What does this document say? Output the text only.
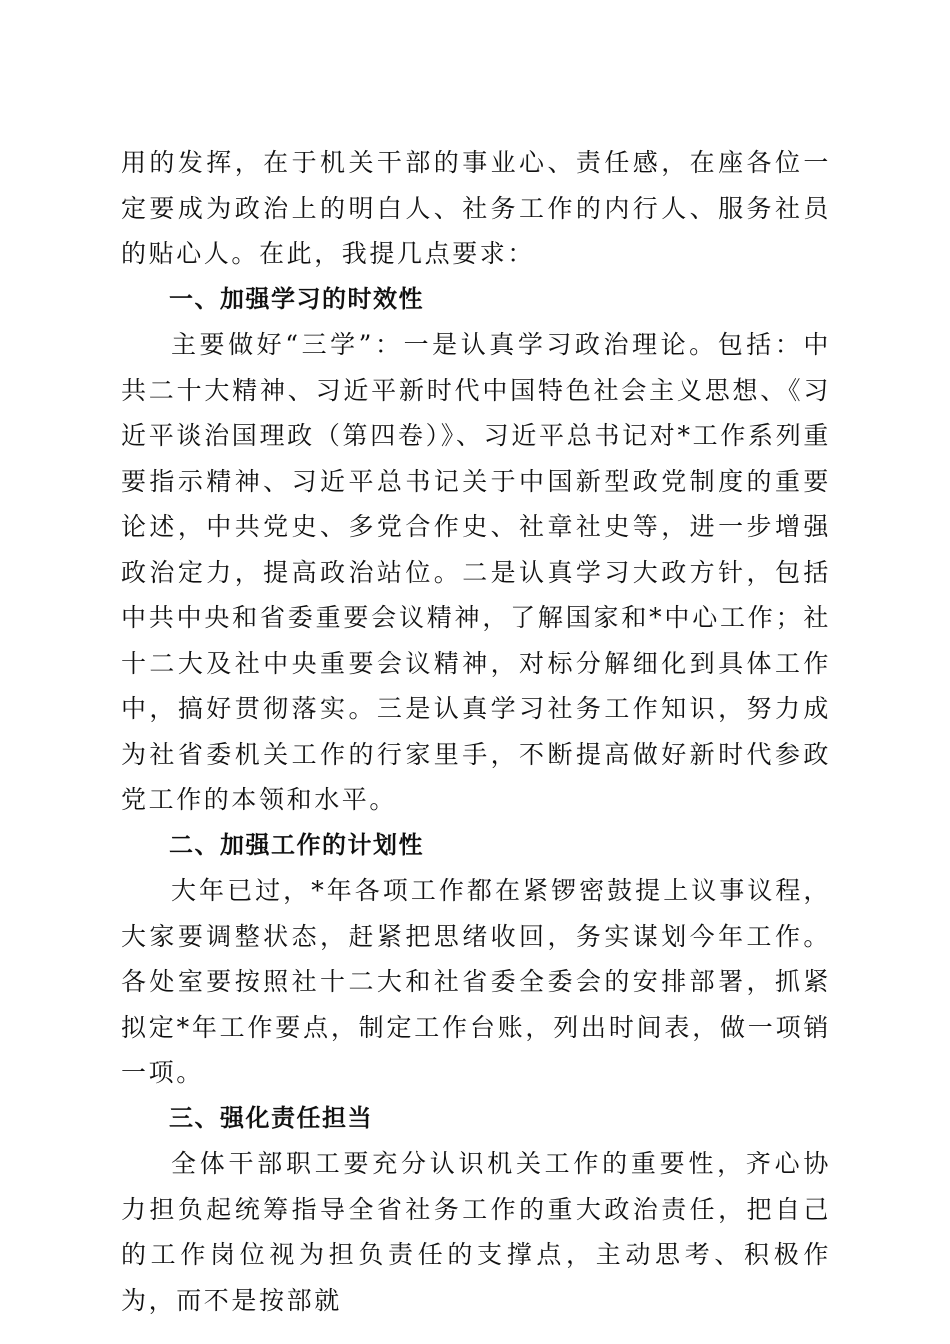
用的发挥，在于机关干部的事业心、责任感，在座各位一定要成为政治上的明白人、社务工作的内行人、服务社员的贴心人。在此，我提几点要求：

一、加强学习的时效性

主要做好“三学”：一是认真学习政治理论。包括：中共二十大精神、习近平新时代中国特色社会主义思想、《习近平谈治国理政（第四卷）》、习近平总书记对*工作系列重要指示精神、习近平总书记关于中国新型政党制度的重要论述，中共党史、多党合作史、社章社史等，进一步增强政治定力，提高政治站位。二是认真学习大政方针，包括中共中央和省委重要会议精神，了解国家和*中心工作；社十二大及社中央重要会议精神，对标分解细化到具体工作中，搞好贯彻落实。三是认真学习社务工作知识，努力成为社省委机关工作的行家里手，不断提高做好新时代参政党工作的本领和水平。

二、加强工作的计划性

大年已过，*年各项工作都在紧锣密鼓提上议事议程，大家要调整状态，赶紧把思绪收回，务实谋划今年工作。各处室要按照社十二大和社省委全委会的安排部署，抓紧拟定*年工作要点，制定工作台账，列出时间表，做一项销一项。

三、强化责任担当

全体干部职工要充分认识机关工作的重要性，齐心协力担负起统筹指导全省社务工作的重大政治责任，把自己的工作岗位视为担负责任的支撑点，主动思考、积极作为，而不是按部就
